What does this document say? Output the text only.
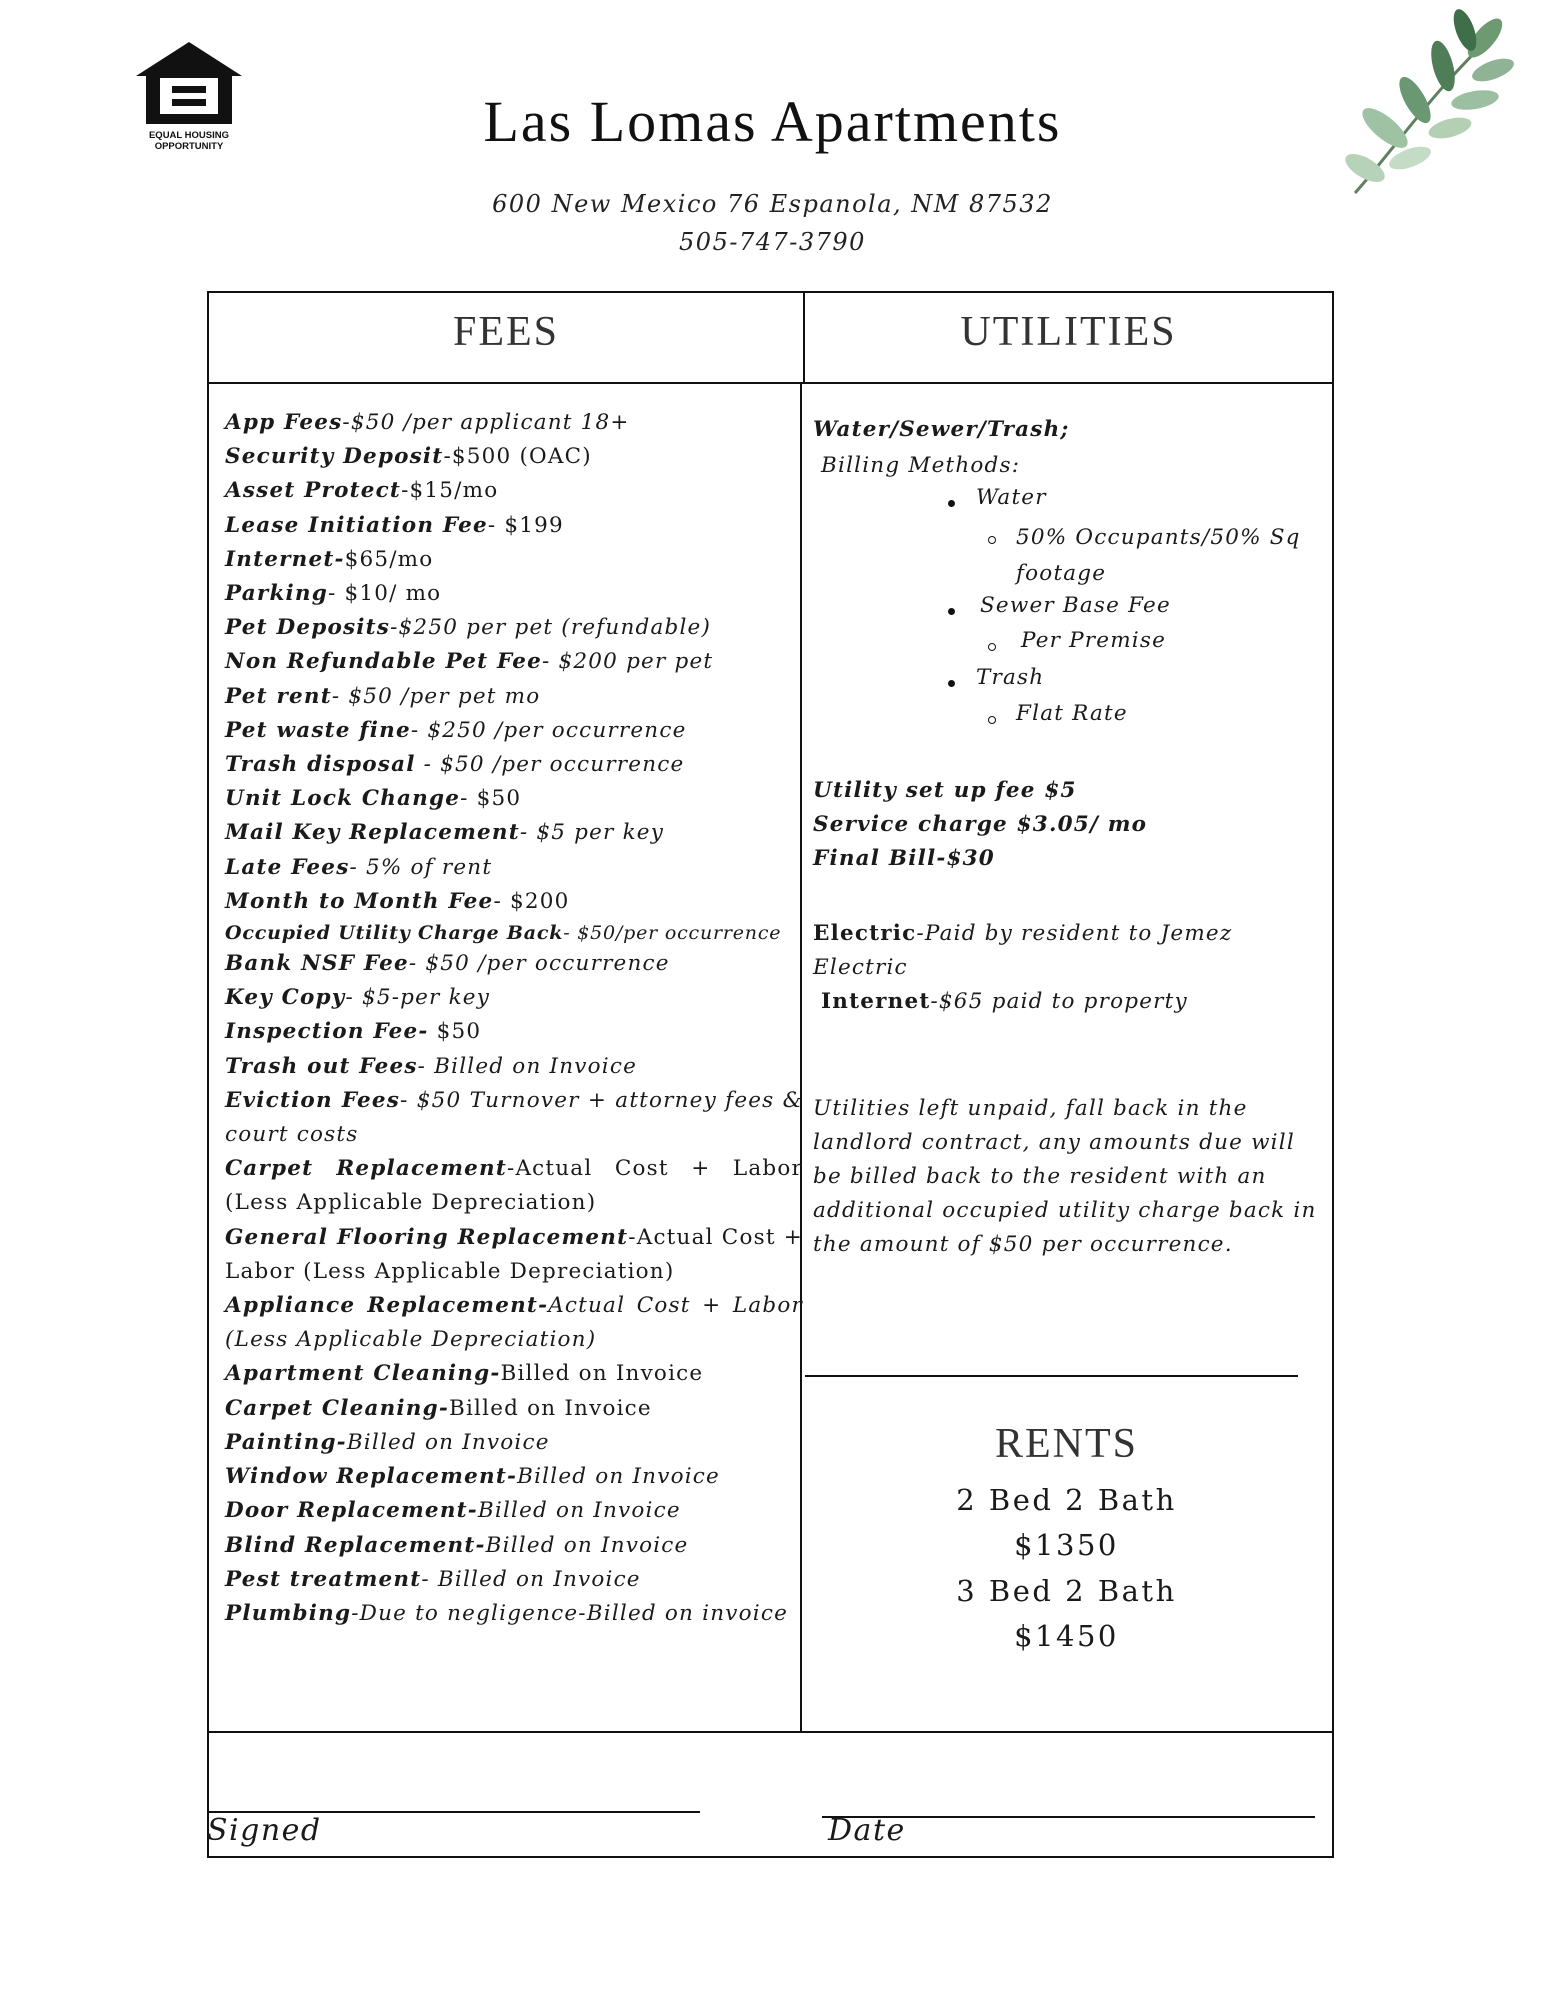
EQUAL HOUSING
OPPORTUNITY	Las Lomas Apartments
600 New Mexico 76 Espanola, NM 87532
505-747-3790
FEES	UTILITIES
App Fees-$50 /per applicant 18+
Security Deposit-$500 (OAC)
Asset Protect-$15/mo
Lease Initiation Fee- $199
Internet-$65/mo
Parking- $10/ mo
Pet Deposits-$250 per pet (refundable)
Non Refundable Pet Fee- $200 per pet
Pet rent- $50 /per pet mo
Pet waste fine- $250 /per occurrence
Trash disposal - $50 /per occurrence
Unit Lock Change- $50
Mail Key Replacement- $5 per key
Late Fees- 5% of rent
Month to Month Fee- $200
Occupied Utility Charge Back- $50/per occurrence
Bank NSF Fee- $50 /per occurrence
Key Copy- $5-per key
Inspection Fee- $50
Trash out Fees- Billed on Invoice
Eviction Fees- $50 Turnover + attorney fees & court costs
Carpet Replacement-Actual Cost + Labor (Less Applicable Depreciation)
General Flooring Replacement-Actual Cost + Labor (Less Applicable Depreciation)
Appliance Replacement-Actual Cost + Labor (Less Applicable Depreciation)
Apartment Cleaning-Billed on Invoice
Carpet Cleaning-Billed on Invoice
Painting-Billed on Invoice
Window Replacement-Billed on Invoice
Door Replacement-Billed on Invoice
Blind Replacement-Billed on Invoice
Pest treatment- Billed on Invoice
Plumbing-Due to negligence-Billed on invoice
Water/Sewer/Trash;
Billing Methods:
Water
50% Occupants/50% Sq footage
Sewer Base Fee
Per Premise
Trash
Flat Rate
Utility set up fee $5
Service charge $3.05/ mo
Final Bill-$30
Electric-Paid by resident to Jemez Electric
Internet-$65 paid to property
Utilities left unpaid, fall back in the landlord contract, any amounts due will be billed back to the resident with an additional occupied utility charge back in the amount of $50 per occurrence.
RENTS
2 Bed 2 Bath
$1350
3 Bed 2 Bath
$1450
Signed	Date
